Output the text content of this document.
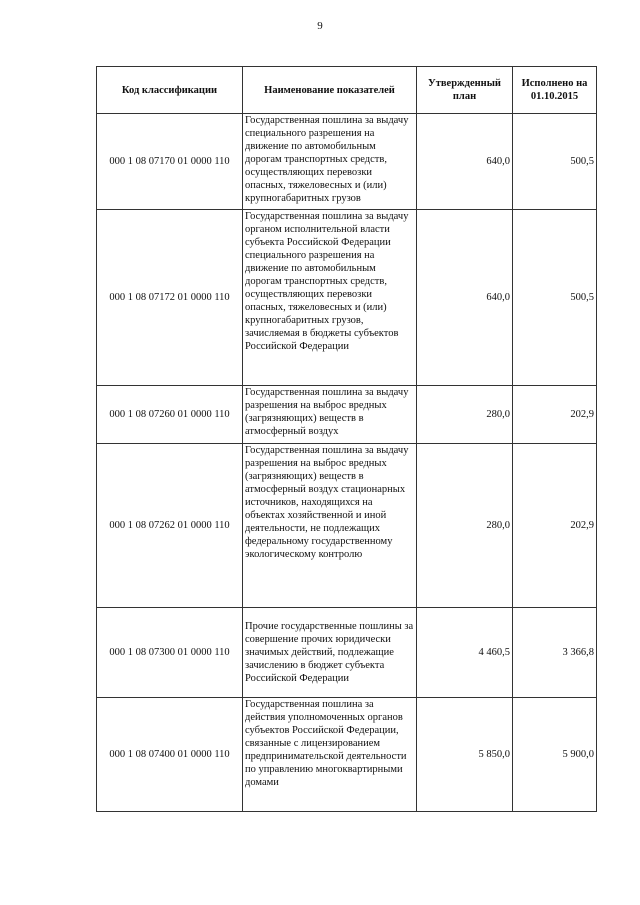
9
Код классификации	Наименование показателей	Утвержденный план	Исполнено на 01.10.2015
000 1 08 07170 01 0000 110	Государственная пошлина за выдачу специального разрешения на движение по автомобильным дорогам транспортных средств, осуществляющих перевозки опасных, тяжеловесных и (или) крупногабаритных грузов	640,0	500,5
000 1 08 07172 01 0000 110	Государственная пошлина за выдачу органом исполнительной власти субъекта Российской Федерации специального разрешения на движение по автомобильным дорогам транспортных средств, осуществляющих перевозки опасных, тяжеловесных и (или) крупногабаритных грузов, зачисляемая в бюджеты субъектов Российской Федерации	640,0	500,5
000 1 08 07260 01 0000 110	Государственная пошлина за выдачу разрешения на выброс вредных (загрязняющих) веществ в атмосферный воздух	280,0	202,9
000 1 08 07262 01 0000 110	Государственная пошлина за выдачу разрешения на выброс вредных (загрязняющих) веществ в атмосферный воздух стационарных источников, находящихся на объектах хозяйственной и иной деятельности, не подлежащих федеральному государственному экологическому контролю	280,0	202,9
000 1 08 07300 01 0000 110	Прочие государственные пошлины за совершение прочих юридически значимых действий, подлежащие зачислению в бюджет субъекта Российской Федерации	4 460,5	3 366,8
000 1 08 07400 01 0000 110	Государственная пошлина за действия уполномоченных органов субъектов Российской Федерации, связанные с лицензированием предпринимательской деятельности по управлению многоквартирными домами	5 850,0	5 900,0
